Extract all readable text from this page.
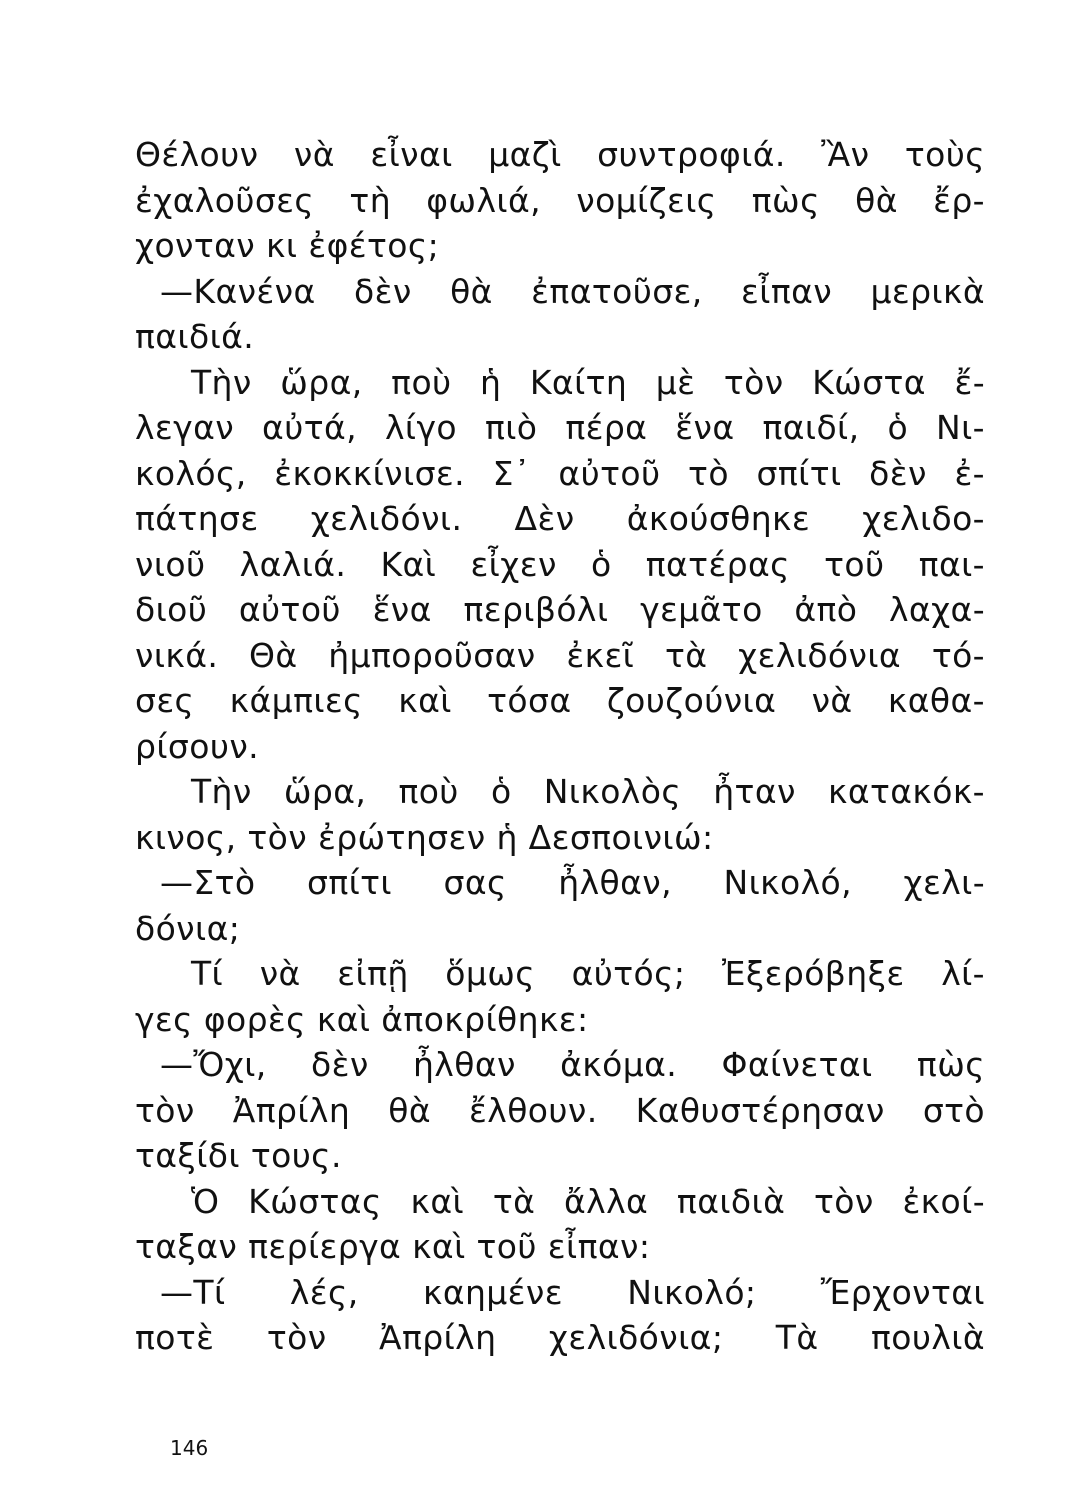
Θέλουν νὰ εἶναι μαζὶ συντροφιά. Ἂν τοὺς
ἐχαλοῦσες τὴ φωλιά, νομίζεις πὼς θὰ ἔρ-
χονταν κι ἐφέτος;
—Κανένα δὲν θὰ ἐπατοῦσε, εἶπαν μερικὰ
παιδιά.
Τὴν ὥρα, ποὺ ἡ Καίτη μὲ τὸν Κώστα ἔ-
λεγαν αὐτά, λίγο πιὸ πέρα ἕνα παιδί, ὁ Νι-
κολός, ἐκοκκίνισε. Σ᾽ αὐτοῦ τὸ σπίτι δὲν ἐ-
πάτησε χελιδόνι. Δὲν ἀκούσθηκε χελιδο-
νιοῦ λαλιά. Καὶ εἶχεν ὁ πατέρας τοῦ παι-
διοῦ αὐτοῦ ἕνα περιβόλι γεμᾶτο ἀπὸ λαχα-
νικά. Θὰ ἠμποροῦσαν ἐκεῖ τὰ χελιδόνια τό-
σες κάμπιες καὶ τόσα ζουζούνια νὰ καθα-
ρίσουν.
Τὴν ὥρα, ποὺ ὁ Νικολὸς ἦταν κατακόκ-
κινος, τὸν ἐρώτησεν ἡ Δεσποινιώ:
—Στὸ σπίτι σας ἦλθαν, Νικολό, χελι-
δόνια;
Τί νὰ εἰπῇ ὅμως αὐτός; Ἐξερόβηξε λί-
γες φορὲς καὶ ἀποκρίθηκε:
—Ὄχι, δὲν ἦλθαν ἀκόμα. Φαίνεται πὼς
τὸν Ἀπρίλη θὰ ἔλθουν. Καθυστέρησαν στὸ
ταξίδι τους.
Ὁ Κώστας καὶ τὰ ἄλλα παιδιὰ τὸν ἐκοί-
ταξαν περίεργα καὶ τοῦ εἶπαν:
—Τί λές, καημένε Νικολό; Ἔρχονται
ποτὲ τὸν Ἀπρίλη χελιδόνια; Τὰ πουλιὰ
146
